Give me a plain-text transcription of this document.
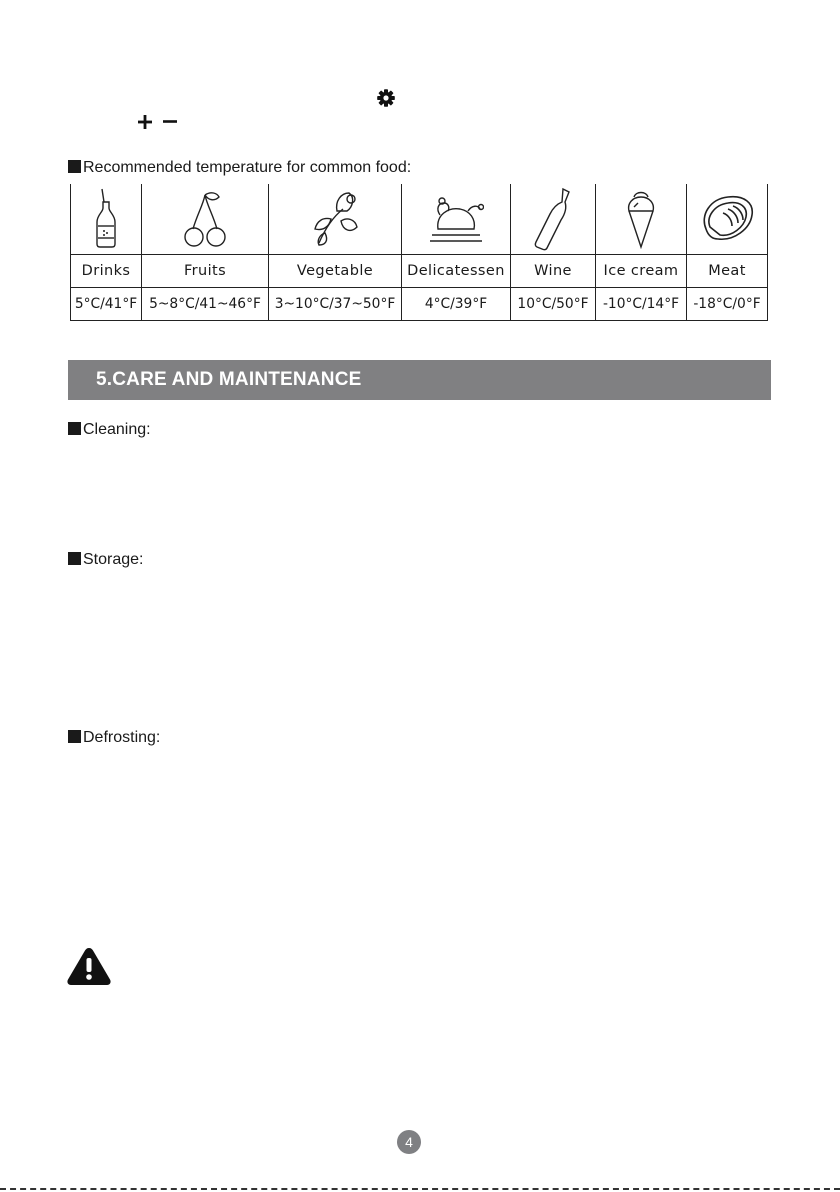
Recommended temperature for common food:

Drinks	Fruits	Vegetable	Delicatessen	Wine	Ice cream	Meat
5°C/41°F	5~8°C/41~46°F	3~10°C/37~50°F	4°C/39°F	10°C/50°F	-10°C/14°F	-18°C/0°F
5.CARE AND MAINTENANCE
Cleaning:
Storage:
Defrosting:
4
